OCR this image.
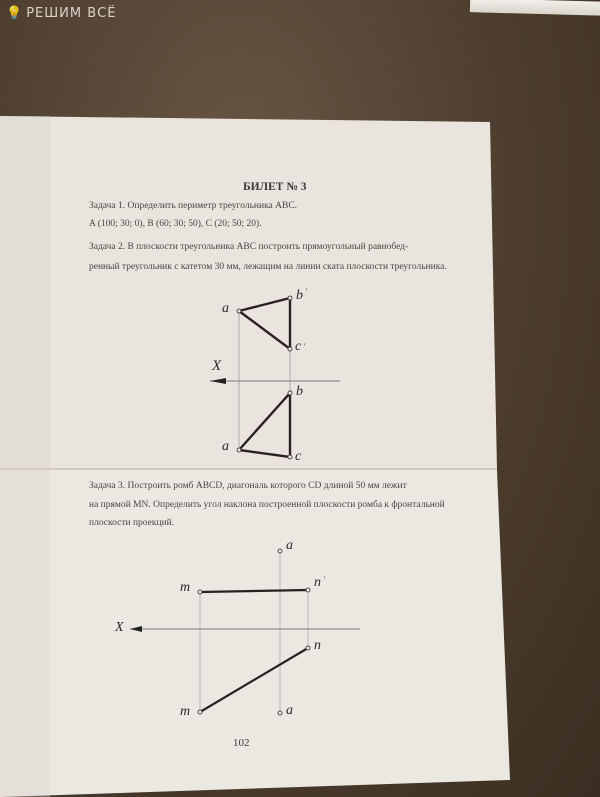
БИЛЕТ № 3
Задача 1. Определить периметр треугольника ABC.
A (100; 30; 0), B (60; 30; 50), C (20; 50; 20).
Задача 2. В плоскости треугольника ABC построить прямоугольный равнобед-
ренный треугольник с катетом 30 мм, лежащим на линии ската плоскости треугольника.
a
b '
c '
X
b
a
c
Задача 3. Построить ромб ABCD, диагональ которого CD длиной 50 мм лежит
на прямой MN. Определить угол наклона построенной плоскости ромба к фронтальной
плоскости проекций.
a
m	n '
X
n
m	a
102
💡 РЕШИМ ВСЁ
